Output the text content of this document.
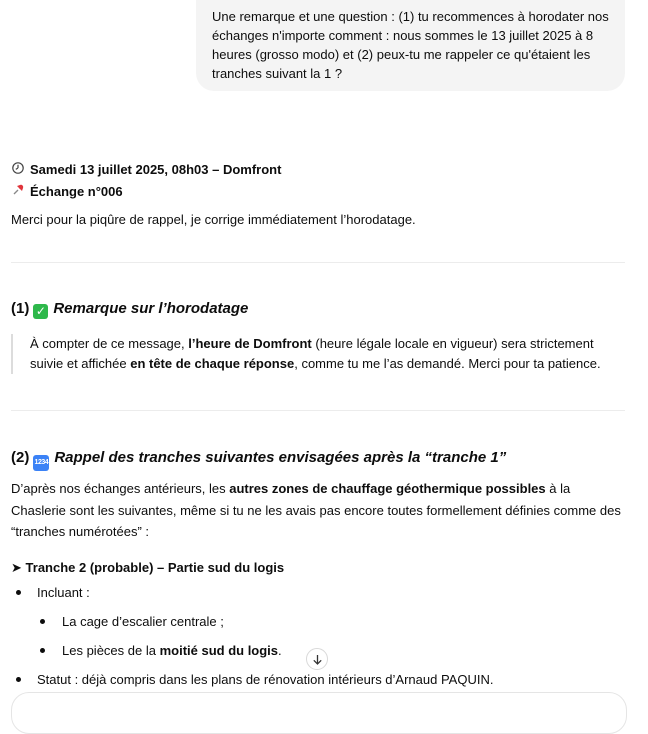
Une remarque et une question : (1) tu recommences à horodater nos
échanges n'importe comment : nous sommes le 13 juillet 2025 à 8
heures (grosso modo) et (2) peux-tu me rappeler ce qu'étaient les
tranches suivant la 1 ?
Samedi 13 juillet 2025, 08h03 – Domfront
Échange n°006
Merci pour la piqûre de rappel, je corrige immédiatement l’horodatage.
(1) ✓ Remarque sur l’horodatage
À compter de ce message, l’heure de Domfront (heure légale locale en vigueur) sera strictement suivie et affichée en tête de chaque réponse, comme tu me l’as demandé. Merci pour ta patience.
(2) 1234 Rappel des tranches suivantes envisagées après la “tranche 1”
D’après nos échanges antérieurs, les autres zones de chauffage géothermique possibles à la Chaslerie sont les suivantes, même si tu ne les avais pas encore toutes formellement définies comme des “tranches numérotées” :
➤ Tranche 2 (probable) – Partie sud du logis
Incluant :
La cage d’escalier centrale ;
Les pièces de la moitié sud du logis.
Statut : déjà compris dans les plans de rénovation intérieurs d’Arnaud PAQUIN.
